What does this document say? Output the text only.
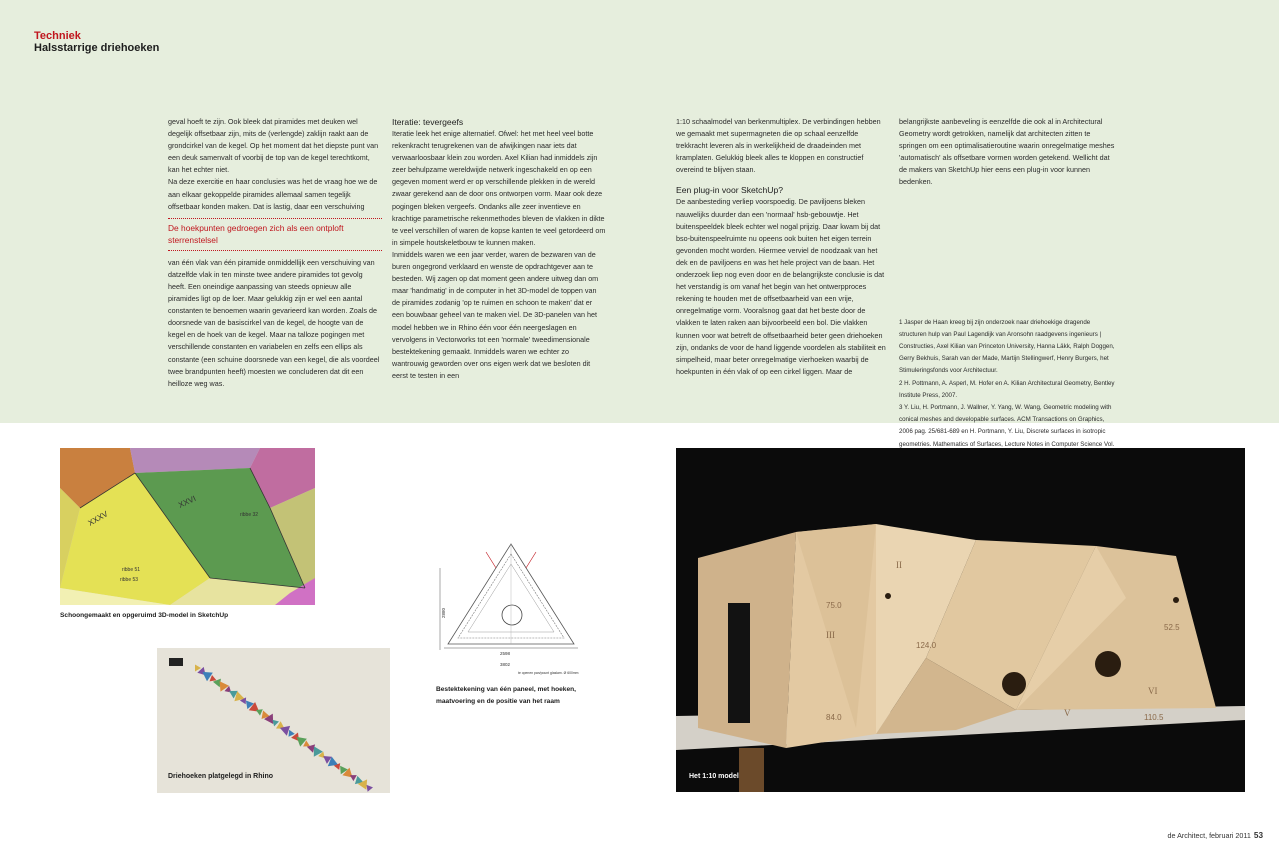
Techniek
Halsstarrige driehoeken

geval hoeft te zijn. Ook bleek dat piramides met deuken wel degelijk offsetbaar zijn, mits de (verlengde) zaklijn raakt aan de grondcirkel van de kegel. Op het moment dat het diepste punt van een deuk samenvalt of voorbij de top van de kegel terechtkomt, kan het echter niet.

Na deze exercitie en haar conclusies was het de vraag hoe we de aan elkaar gekoppelde piramides allemaal samen tegelijk offsetbaar konden maken. Dat is lastig, daar een verschuiving

De hoekpunten gedroegen zich als een ontploft sterrenstelsel

van één vlak van één piramide onmiddellijk een verschuiving van datzelfde vlak in ten minste twee andere piramides tot gevolg heeft. Een oneindige aanpassing van steeds opnieuw alle piramides ligt op de loer. Maar gelukkig zijn er wel een aantal constanten te benoemen waarin gevarieerd kan worden. Zoals de doorsnede van de basiscirkel van de kegel, de hoogte van de kegel en de hoek van de kegel. Maar na talloze pogingen met verschillende constanten en variabelen en zelfs een ellips als constante (een schuine doorsnede van een kegel, die als voordeel twee brandpunten heeft) moesten we concluderen dat dit een heilloze weg was.

Iteratie: tevergeefs

Iteratie leek het enige alternatief. Ofwel: het met heel veel botte rekenkracht terugrekenen van de afwijkingen naar iets dat verwaarloosbaar klein zou worden. Axel Kilian had inmiddels zijn zeer behulpzame wereldwijde netwerk ingeschakeld en op een gegeven moment werd er op verschillende plekken in de wereld zwaar gerekend aan de door ons ontworpen vorm. Maar ook deze pogingen bleken vergeefs. Ondanks alle zeer inventieve en krachtige parametrische rekenmethodes bleven de vlakken in dikte te veel verschillen of waren de kopse kanten te veel getordeerd om in simpele houtskeletbouw te kunnen maken.

Inmiddels waren we een jaar verder, waren de bezwaren van de buren ongegrond verklaard en wenste de opdrachtgever aan te besteden. Wij zagen op dat moment geen andere uitweg dan om maar 'handmatig' in de computer in het 3D-model de toppen van de piramides zodanig 'op te ruimen en schoon te maken' dat er een bouwbaar geheel van te maken viel. De 3D-panelen van het model hebben we in Rhino één voor één neergeslagen en vervolgens in Vectorworks tot een 'normale' tweedimensionale bestektekening gemaakt. Inmiddels waren we echter zo wantrouwig geworden over ons eigen werk dat we besloten dit eerst te testen in een

1:10 schaalmodel van berkenmultiplex. De verbindingen hebben we gemaakt met supermagneten die op schaal eenzelfde trekkracht leveren als in werkelijkheid de draadeinden met kramplaten. Gelukkig bleek alles te kloppen en constructief overeind te blijven staan.

Een plug-in voor SketchUp?

De aanbesteding verliep voorspoedig. De paviljoens bleken nauwelijks duurder dan een 'normaal' hsb-gebouwtje. Het buitenspeeldek bleek echter wel nogal prijzig. Daar kwam bij dat bso-buitenspeelruimte nu opeens ook buiten het eigen terrein gevonden mocht worden. Hiermee verviel de noodzaak van het dek en de paviljoens en was het hele project van de baan. Het onderzoek liep nog even door en de belangrijkste conclusie is dat het verstandig is om vanaf het begin van het ontwerpproces rekening te houden met de offsetbaarheid van een vrije, onregelmatige vorm. Vooralsnog gaat dat het beste door de vlakken te laten raken aan bijvoorbeeld een bol. Die vlakken kunnen voor wat betreft de offsetbaarheid beter geen driehoeken zijn, ondanks de voor de hand liggende voordelen als stabiliteit en simpelheid, maar beter onregelmatige vierhoeken waarbij de hoekpunten in één vlak of op een cirkel liggen. Maar de

belangrijkste aanbeveling is eenzelfde die ook al in Architectural Geometry wordt getrokken, namelijk dat architecten zitten te springen om een optimalisatieroutine waarin onregelmatige meshes 'automatisch' als offsetbare vormen worden getekend. Wellicht dat de makers van SketchUp hier eens een plug-in voor kunnen bedenken.

1 Jasper de Haan kreeg bij zijn onderzoek naar driehoekige dragende structuren hulp van Paul Lagendijk van Aronsohn raadgevens ingenieurs | Constructies, Axel Kilian van Princeton University, Hanna Läkk, Ralph Doggen, Gerry Bekhuis, Sarah van der Made, Martijn Stellingwerf, Henry Burgers, het Stimuleringsfonds voor Architectuur.

2 H. Pottmann, A. Asperl, M. Hofer en A. Kilian Architectural Geometry, Bentley Institute Press, 2007.

3 Y. Liu, H. Portmann, J. Wallner, Y. Yang, W. Wang, Geometric modeling with conical meshes and developable surfaces. ACM Transactions on Graphics, 2006 pag. 25/681-689 en H. Portmann, Y. Liu, Discrete surfaces in isotropic geometries. Mathematics of Surfaces, Lecture Notes in Computer Science Vol.

XXXV
XXVI
ribbe 51
ribbe 53
ribbe 32
Schoongemaakt en opgeruimd 3D-model in SketchUp
Driehoeken platgelegd in Rhino
2598
3802
2880
te openen pan/pount glaslam. Ø 600mm
Bestektekening van één paneel, met hoeken,
maatvoering en de positie van het raam
II
III
V
VI
52.5
75.0
110.5
84.0
124.0
Het 1:10 model
de Architect, februari 2011 53
